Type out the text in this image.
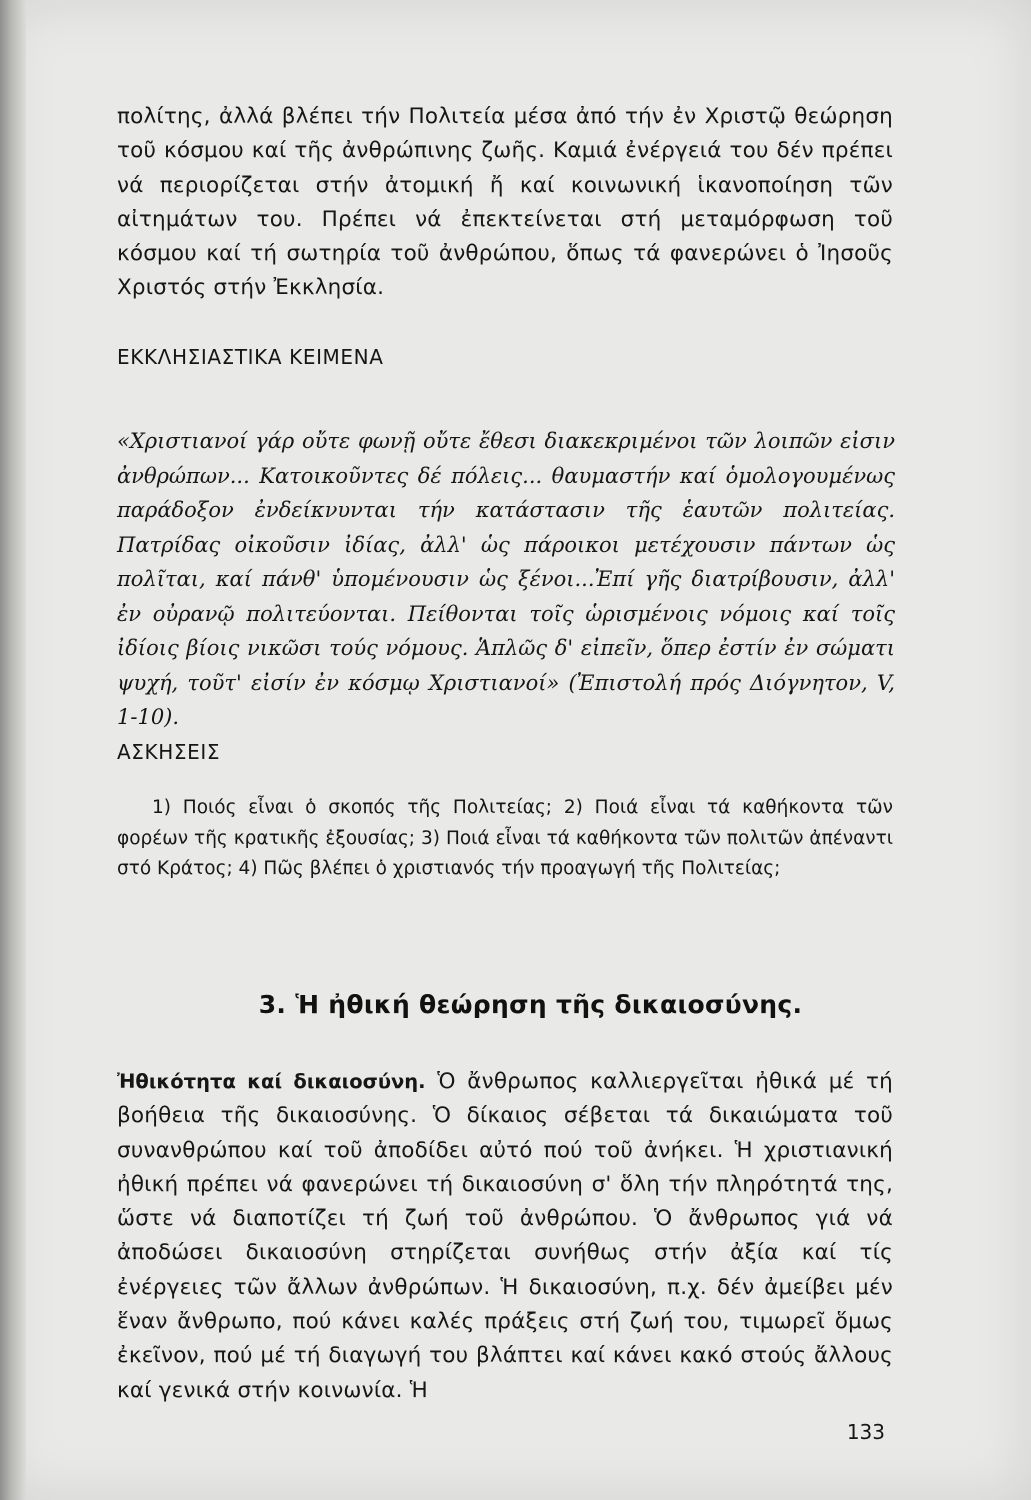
πολίτης, ἀλλά βλέπει τήν Πολιτεία μέσα ἀπό τήν ἐν Χριστῷ θεώρηση τοῦ κόσμου καί τῆς ἀνθρώπινης ζωῆς. Καμιά ἐνέργειά του δέν πρέπει νά περιορίζεται στήν ἀτομική ἤ καί κοινωνική ἱκανοποίηση τῶν αἰτημάτων του. Πρέπει νά ἐπεκτείνεται στή μεταμόρφωση τοῦ κόσμου καί τή σωτηρία τοῦ ἀνθρώπου, ὅπως τά φανερώνει ὁ Ἰησοῦς Χριστός στήν Ἐκκλησία.

ΕΚΚΛΗΣΙΑΣΤΙΚΑ ΚΕΙΜΕΝΑ

«Χριστιανοί γάρ οὔτε φωνῇ οὔτε ἔθεσι διακεκριμένοι τῶν λοιπῶν εἰσιν ἀνθρώπων... Κατοικοῦντες δέ πόλεις... θαυμαστήν καί ὁμολογουμένως παράδοξον ἐνδείκνυνται τήν κατάστασιν τῆς ἑαυτῶν πολιτείας. Πατρίδας οἰκοῦσιν ἰδίας, ἀλλ' ὡς πάροικοι μετέχουσιν πάντων ὡς πολῖται, καί πάνθ' ὑπομένουσιν ὡς ξένοι...Ἐπί γῆς διατρίβουσιν, ἀλλ' ἐν οὐρανῷ πολιτεύονται. Πείθονται τοῖς ὡρισμένοις νόμοις καί τοῖς ἰδίοις βίοις νικῶσι τούς νόμους. Ἁπλῶς δ' εἰπεῖν, ὅπερ ἐστίν ἐν σώματι ψυχή, τοῦτ' εἰσίν ἐν κόσμῳ Χριστιανοί» (Ἐπιστολή πρός Διόγνητον, V, 1-10).

ΑΣΚΗΣΕΙΣ

1) Ποιός εἶναι ὁ σκοπός τῆς Πολιτείας; 2) Ποιά εἶναι τά καθήκοντα τῶν φορέων τῆς κρατικῆς ἐξουσίας; 3) Ποιά εἶναι τά καθήκοντα τῶν πολιτῶν ἀπέναντι στό Κράτος; 4) Πῶς βλέπει ὁ χριστιανός τήν προαγωγή τῆς Πολιτείας;

3. Ἡ ἠθική θεώρηση τῆς δικαιοσύνης.

Ἠθικότητα καί δικαιοσύνη. Ὁ ἄνθρωπος καλλιεργεῖται ἠθικά μέ τή βοήθεια τῆς δικαιοσύνης. Ὁ δίκαιος σέβεται τά δικαιώματα τοῦ συνανθρώπου καί τοῦ ἀποδίδει αὐτό πού τοῦ ἀνήκει. Ἡ χριστιανική ἠθική πρέπει νά φανερώνει τή δικαιοσύνη σ' ὅλη τήν πληρότητά της, ὥστε νά διαποτίζει τή ζωή τοῦ ἀνθρώπου. Ὁ ἄνθρωπος γιά νά ἀποδώσει δικαιοσύνη στηρίζεται συνήθως στήν ἀξία καί τίς ἐνέργειες τῶν ἄλλων ἀνθρώπων. Ἡ δικαιοσύνη, π.χ. δέν ἀμείβει μέν ἕναν ἄνθρωπο, πού κάνει καλές πράξεις στή ζωή του, τιμωρεῖ ὅμως ἐκεῖνον, πού μέ τή διαγωγή του βλάπτει καί κάνει κακό στούς ἄλλους καί γενικά στήν κοινωνία. Ἡ

133
